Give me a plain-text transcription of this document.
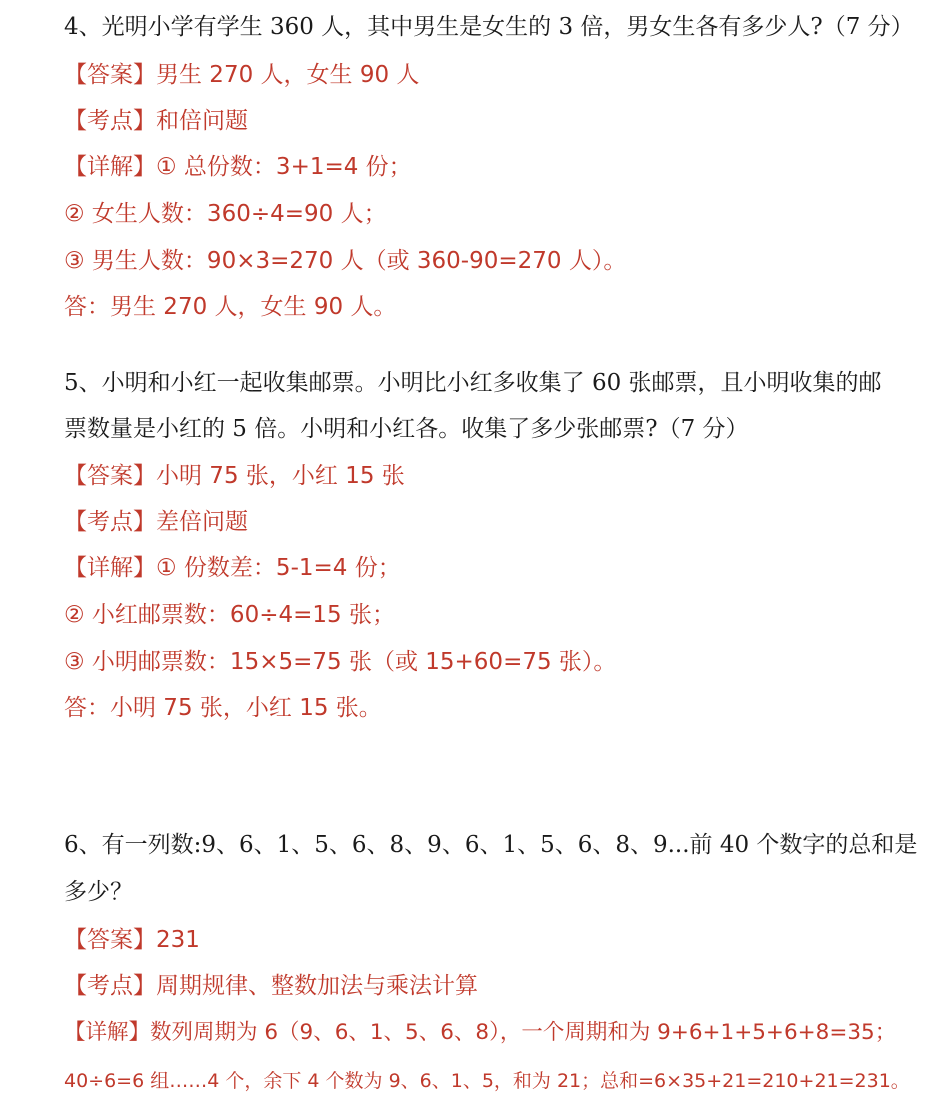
4、光明小学有学生 360 人，其中男生是女生的 3 倍，男女生各有多少人?（7 分）
【答案】男生 270 人，女生 90 人
【考点】和倍问题
【详解】① 总份数：3+1=4 份；
② 女生人数：360÷4=90 人；
③ 男生人数：90×3=270 人（或 360-90=270 人）。
答：男生 270 人，女生 90 人。
5、小明和小红一起收集邮票。小明比小红多收集了 60 张邮票，且小明收集的邮
票数量是小红的 5 倍。小明和小红各。收集了多少张邮票?（7 分）
【答案】小明 75 张，小红 15 张
【考点】差倍问题
【详解】① 份数差：5-1=4 份；
② 小红邮票数：60÷4=15 张；
③ 小明邮票数：15×5=75 张（或 15+60=75 张）。
答：小明 75 张，小红 15 张。
6、有一列数:9、6、1、5、6、8、9、6、1、5、6、8、9...前 40 个数字的总和是
多少？
【答案】231
【考点】周期规律、整数加法与乘法计算
【详解】数列周期为 6（9、6、1、5、6、8），一个周期和为 9+6+1+5+6+8=35；
40÷6=6 组……4 个，余下 4 个数为 9、6、1、5，和为 21；总和=6×35+21=210+21=231。
